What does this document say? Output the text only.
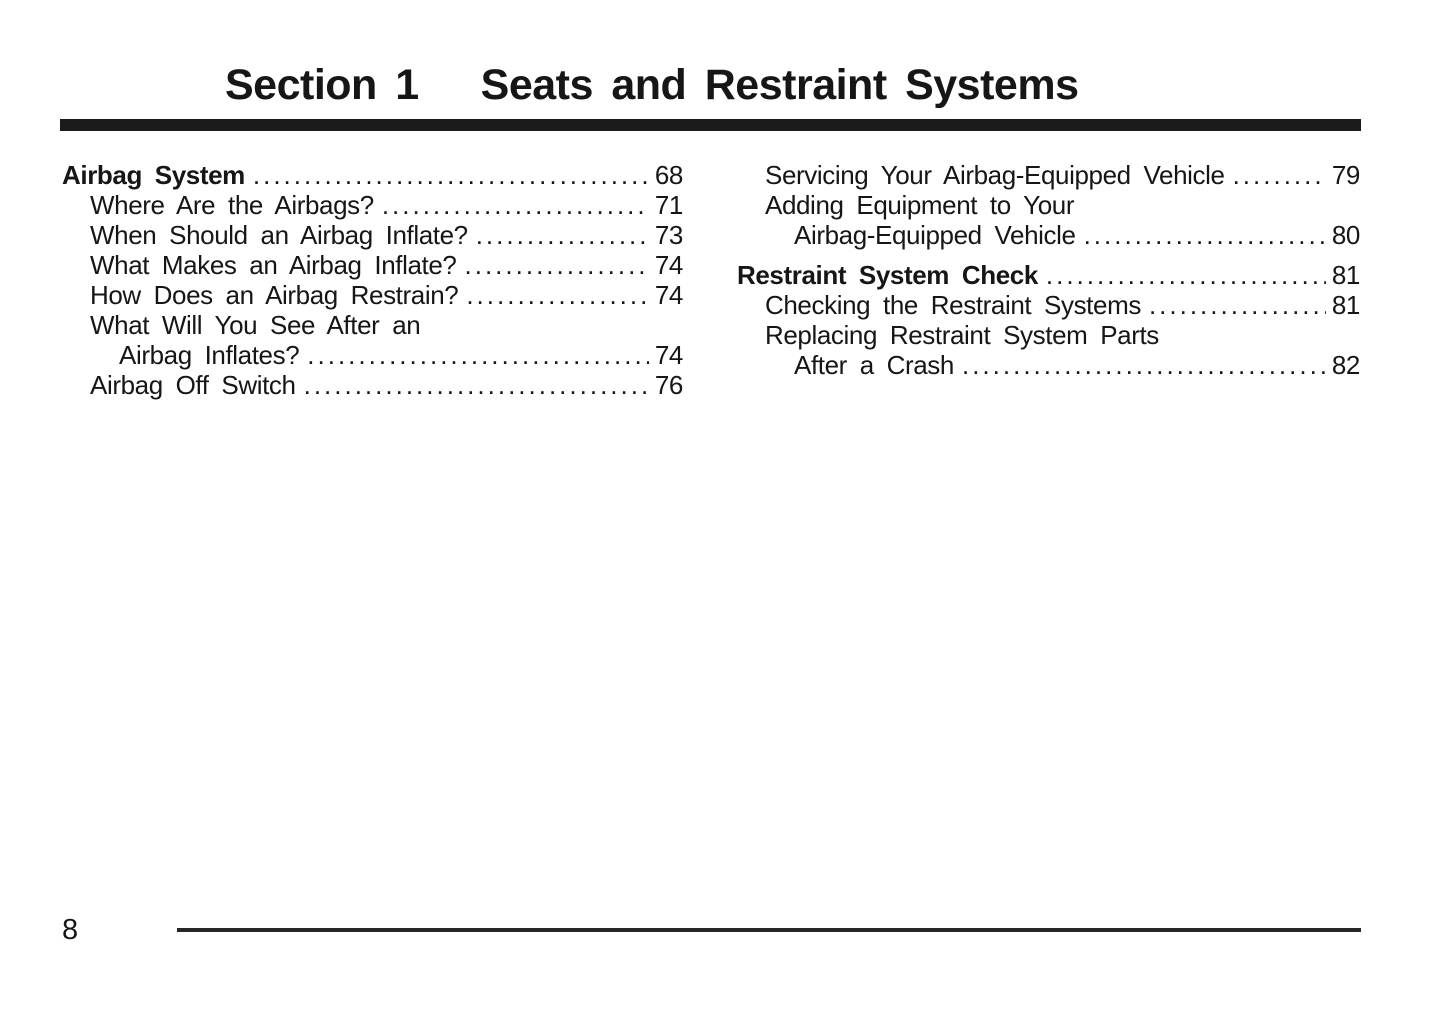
Section 1 Seats and Restraint Systems
Airbag System .....	68
Where Are the Airbags? .....	71
When Should an Airbag Inflate? .....	73
What Makes an Airbag Inflate? .....	74
How Does an Airbag Restrain? .....	74
What Will You See After an
Airbag Inflates? .....	74
Airbag Off Switch .....	76
Servicing Your Airbag-Equipped Vehicle .....	79
Adding Equipment to Your
Airbag-Equipped Vehicle .....	80
Restraint System Check .....	81
Checking the Restraint Systems .....	81
Replacing Restraint System Parts
After a Crash .....	82
8
